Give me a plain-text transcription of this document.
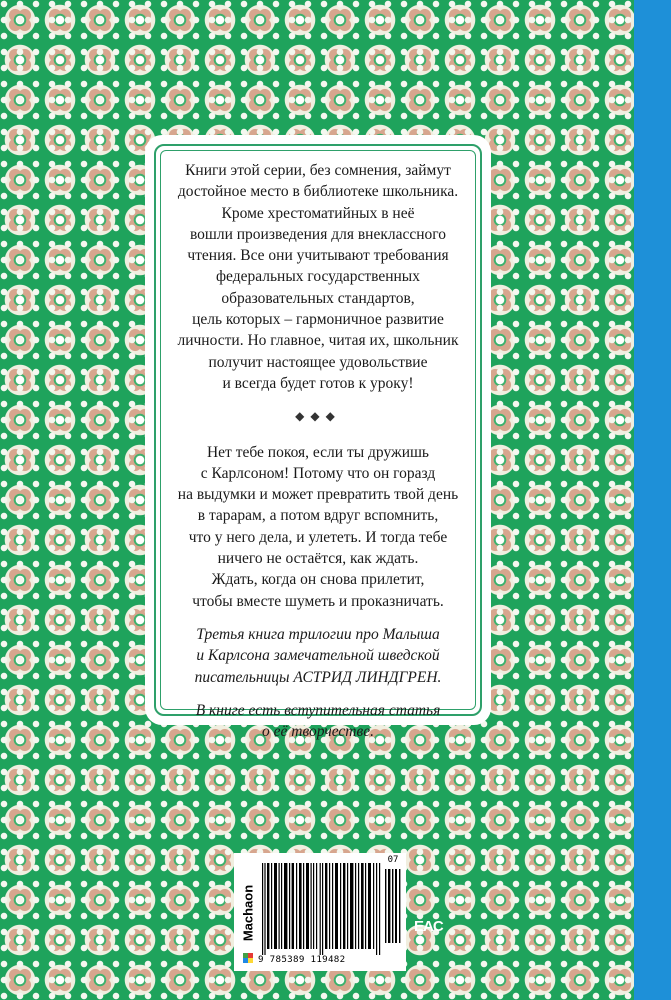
Книги этой серии, без сомнения, займут
достойное место в библиотеке школьника.
Кроме хрестоматийных в неё
вошли произведения для внеклассного
чтения. Все они учитывают требования
федеральных государственных
образовательных стандартов,
цель которых – гармоничное развитие
личности. Но главное, читая их, школьник
получит настоящее удовольствие
и всегда будет готов к уроку!

◆◆◆

Нет тебе покоя, если ты дружишь
с Карлсоном! Потому что он горазд
на выдумки и может превратить твой день
в тарарам, а потом вдруг вспомнить,
что у него дела, и улететь. И тогда тебе
ничего не остаётся, как ждать.
Ждать, когда он снова прилетит,
чтобы вместе шуметь и проказничать.

Третья книга трилогии про Малыша
и Карлсона замечательной шведской
писательницы АСТРИД ЛИНДГРЕН.

В книге есть вступительная статья
о её творчестве.

Machaon
07
9 785389 119482
EAC
